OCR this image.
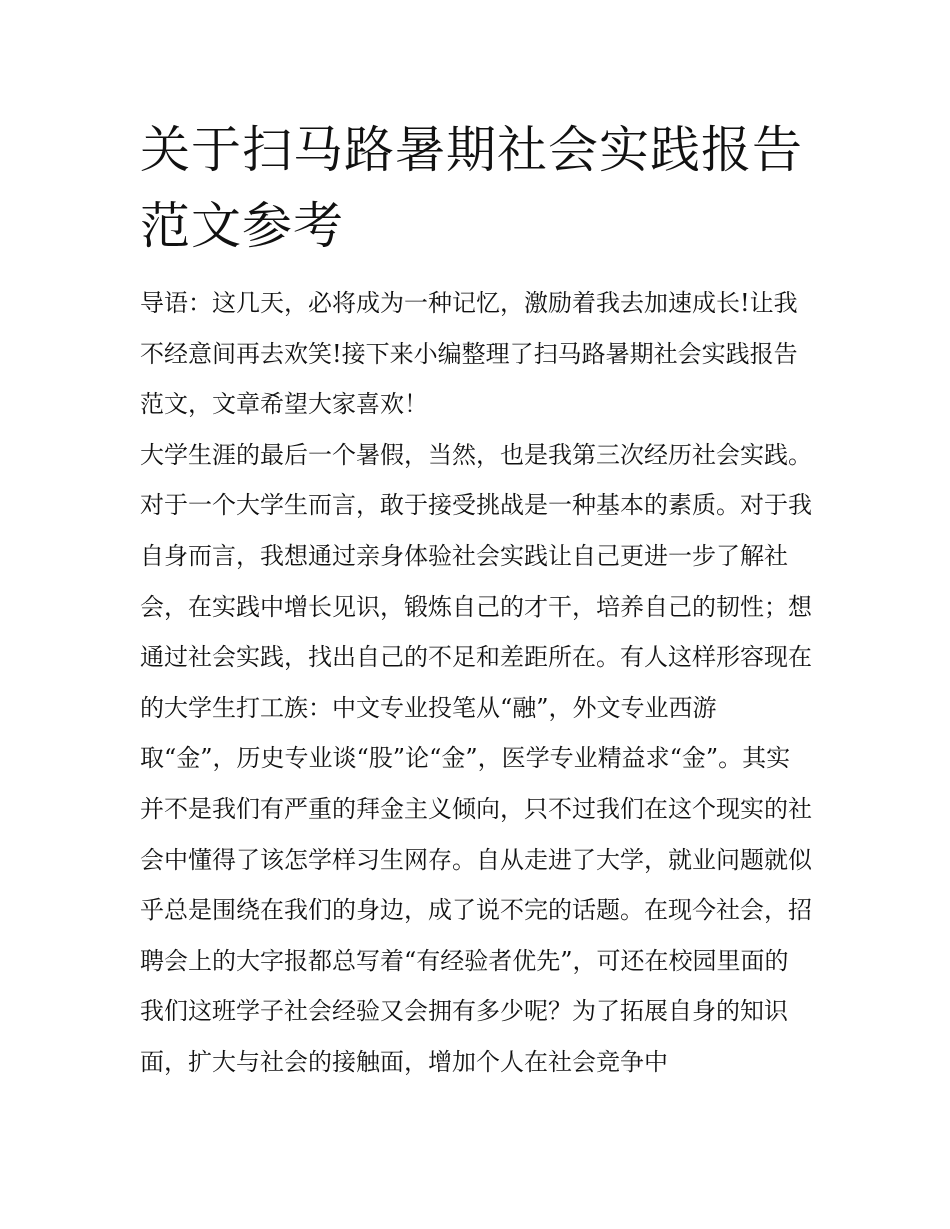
关于扫马路暑期社会实践报告范文参考

导语：这几天，必将成为一种记忆，激励着我去加速成长!让我不经意间再去欢笑!接下来小编整理了扫马路暑期社会实践报告范文，文章希望大家喜欢！

大学生涯的最后一个暑假，当然，也是我第三次经历社会实践。对于一个大学生而言，敢于接受挑战是一种基本的素质。对于我自身而言，我想通过亲身体验社会实践让自己更进一步了解社会，在实践中增长见识，锻炼自己的才干，培养自己的韧性；想通过社会实践，找出自己的不足和差距所在。有人这样形容现在的大学生打工族：中文专业投笔从“融”，外文专业西游取“金”，历史专业谈“股”论“金”，医学专业精益求“金”。其实并不是我们有严重的拜金主义倾向，只不过我们在这个现实的社会中懂得了该怎学样习生网存。自从走进了大学，就业问题就似乎总是围绕在我们的身边，成了说不完的话题。在现今社会，招聘会上的大字报都总写着“有经验者优先”，可还在校园里面的我们这班学子社会经验又会拥有多少呢？为了拓展自身的知识面，扩大与社会的接触面，增加个人在社会竞争中
